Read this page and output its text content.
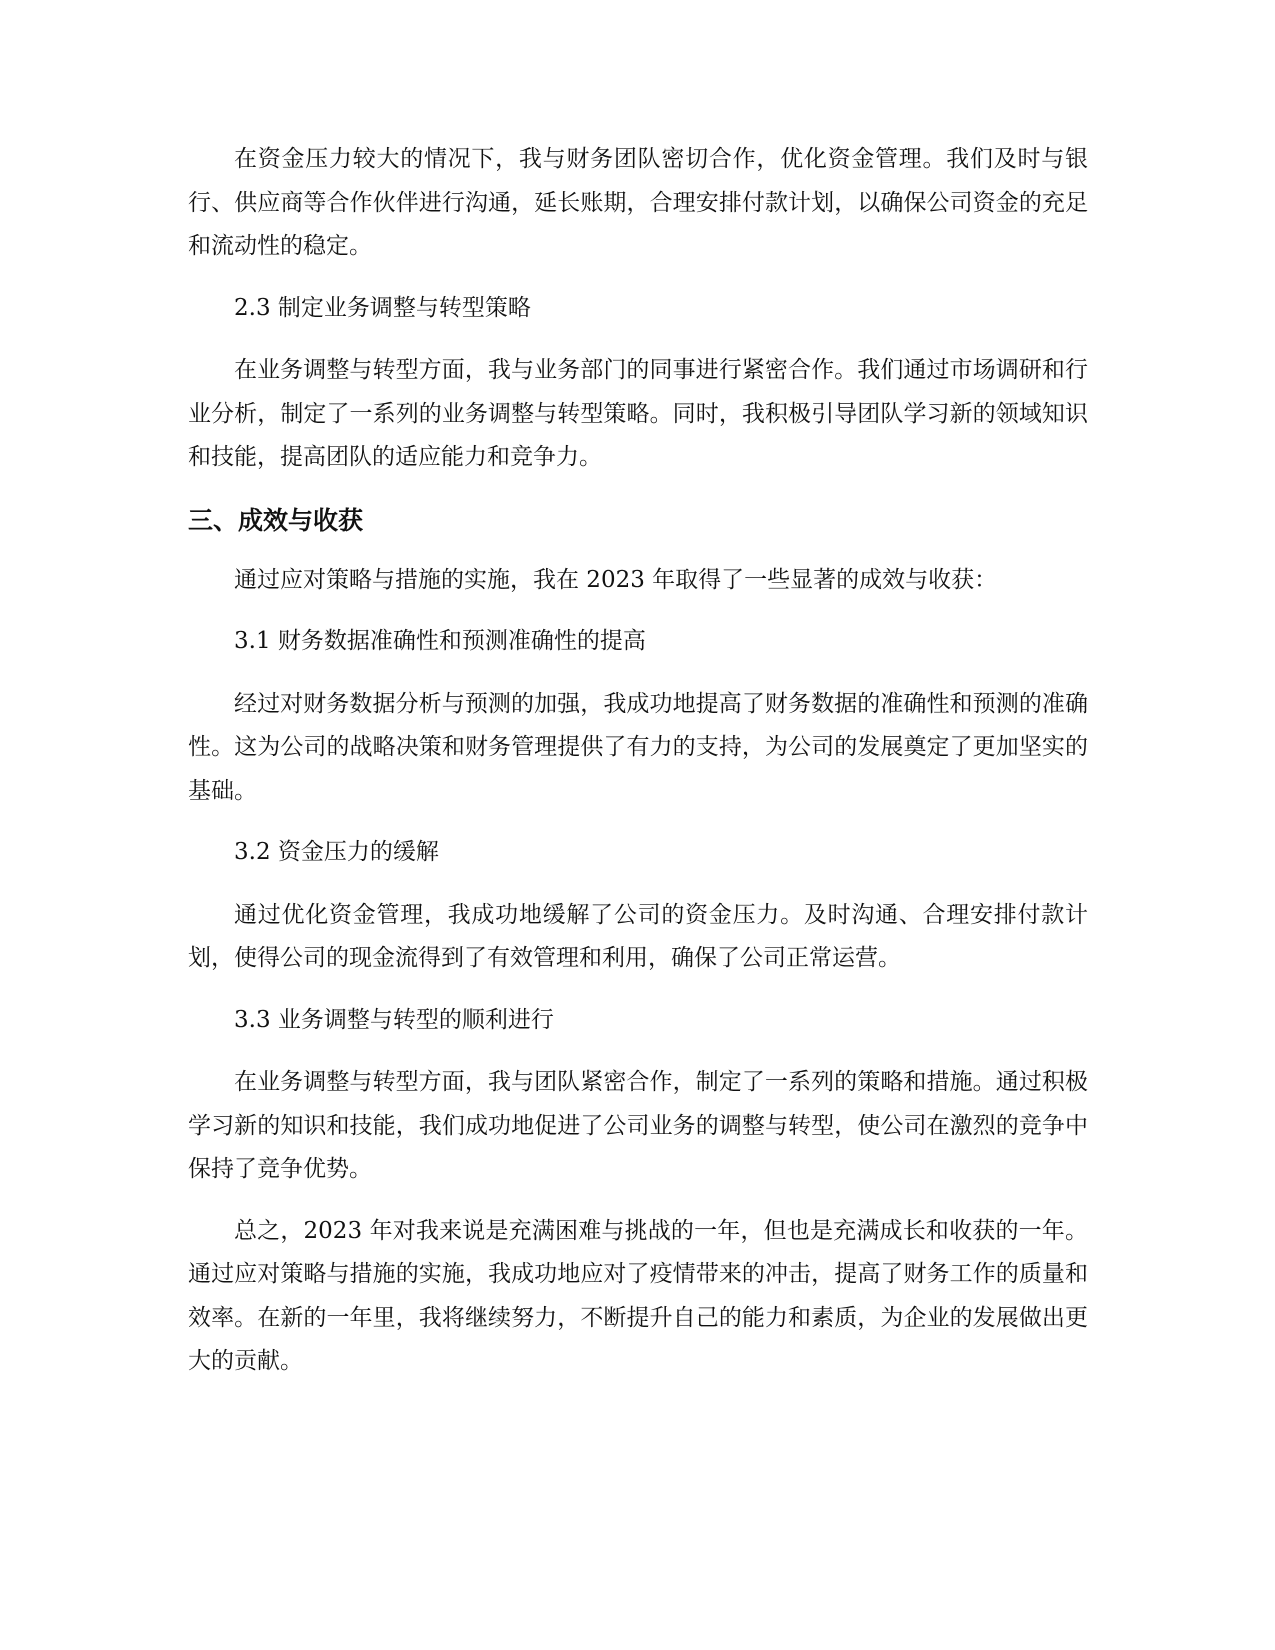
在资金压力较大的情况下，我与财务团队密切合作，优化资金管理。我们及时与银行、供应商等合作伙伴进行沟通，延长账期，合理安排付款计划，以确保公司资金的充足和流动性的稳定。

2.3 制定业务调整与转型策略

在业务调整与转型方面，我与业务部门的同事进行紧密合作。我们通过市场调研和行业分析，制定了一系列的业务调整与转型策略。同时，我积极引导团队学习新的领域知识和技能，提高团队的适应能力和竞争力。

三、成效与收获

通过应对策略与措施的实施，我在 2023 年取得了一些显著的成效与收获：

3.1 财务数据准确性和预测准确性的提高

经过对财务数据分析与预测的加强，我成功地提高了财务数据的准确性和预测的准确性。这为公司的战略决策和财务管理提供了有力的支持，为公司的发展奠定了更加坚实的基础。

3.2 资金压力的缓解

通过优化资金管理，我成功地缓解了公司的资金压力。及时沟通、合理安排付款计划，使得公司的现金流得到了有效管理和利用，确保了公司正常运营。

3.3 业务调整与转型的顺利进行

在业务调整与转型方面，我与团队紧密合作，制定了一系列的策略和措施。通过积极学习新的知识和技能，我们成功地促进了公司业务的调整与转型，使公司在激烈的竞争中保持了竞争优势。

总之，2023 年对我来说是充满困难与挑战的一年，但也是充满成长和收获的一年。通过应对策略与措施的实施，我成功地应对了疫情带来的冲击，提高了财务工作的质量和效率。在新的一年里，我将继续努力，不断提升自己的能力和素质，为企业的发展做出更大的贡献。
